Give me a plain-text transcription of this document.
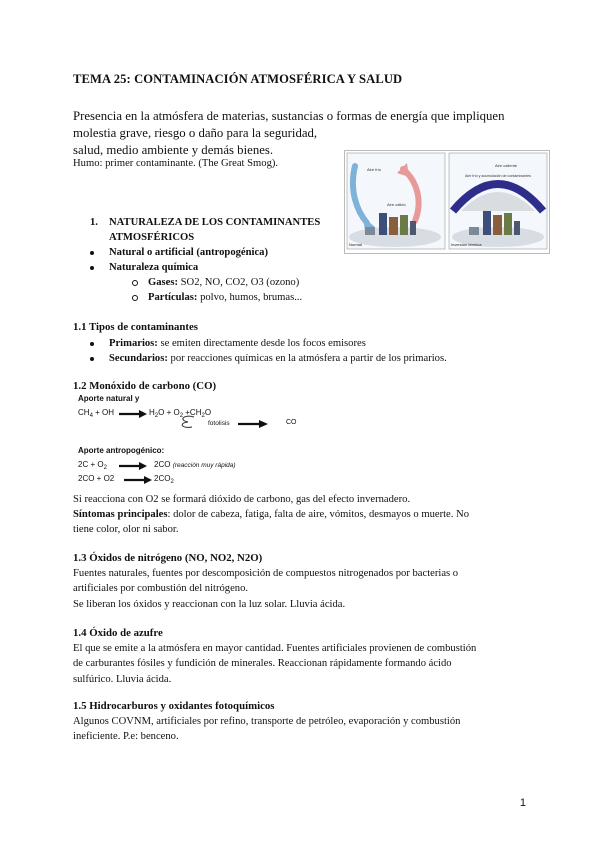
TEMA 25: CONTAMINACIÓN ATMOSFÉRICA Y SALUD

Presencia en la atmósfera de materias, sustancias o formas de energía que impliquen

molestia grave, riesgo o daño para la seguridad,

salud, medio ambiente y demás bienes.

Humo: primer contaminante. (The Great Smog).
Aire frío
Aire cálido
Normal
Aire caliente
Aire frío y acumulación de contaminantes
Inversión térmica
1. NATURALEZA DE LOS CONTAMINANTES
ATMOSFÉRICOS
Natural o artificial (antropogénica)
Naturaleza química
Gases: SO2, NO, CO2, O3 (ozono)
Partículas: polvo, humos, brumas...
1.1 Tipos de contaminantes
Primarios: se emiten directamente desde los focos emisores
Secundarios: por reacciones químicas en la atmósfera a partir de los primarios.
1.2 Monóxido de carbono (CO)
Aporte natural y
$CH_4$ + OH	$H_2O + O_2 +CH_2O$
fotolisis	CO
Aporte antropogénico:
$2C + O_2$	2CO (reacción muy rápida)
2CO + O2	$2CO_2$

Si reacciona con O2 se formará dióxido de carbono, gas del efecto invernadero.

Síntomas principales: dolor de cabeza, fatiga, falta de aire, vómitos, desmayos o muerte. No

tiene color, olor ni sabor.

1.3 Óxidos de nitrógeno (NO, NO2, N2O)

Fuentes naturales, fuentes por descomposición de compuestos nitrogenados por bacterias o

artificiales por combustión del nitrógeno.

Se liberan los óxidos y reaccionan con la luz solar. Lluvia ácida.

1.4 Óxido de azufre

El que se emite a la atmósfera en mayor cantidad. Fuentes artificiales provienen de combustión

de carburantes fósiles y fundición de minerales. Reaccionan rápidamente formando ácido

sulfúrico. Lluvia ácida.

1.5 Hidrocarburos y oxidantes fotoquímicos

Algunos COVNM, artificiales por refino, transporte de petróleo, evaporación y combustión

ineficiente. P.e: benceno.

1
